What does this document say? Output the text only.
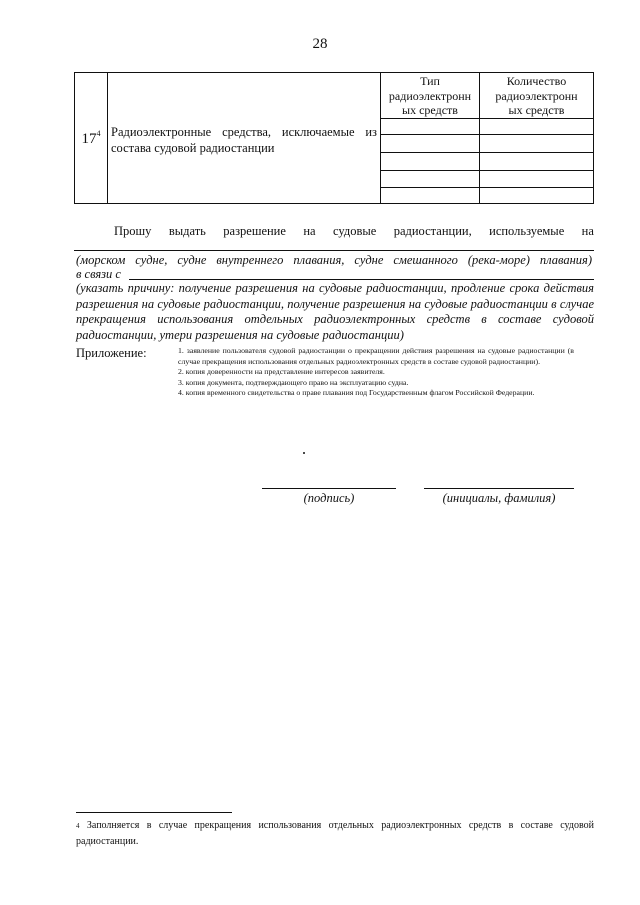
28
$17^4$ Радиоэлектронные средства, исключаемые из
состава судовой радиостанции
Тип
радиоэлектронн
ых средств
Количество
радиоэлектронн
ых средств
Прошу выдать разрешение на судовые радиостанции, используемые на
(морском судне, судне внутреннего плавания, судне смешанного (река-море) плавания)
в связи с
(указать причину: получение разрешения на судовые радиостанции, продление срока действия разрешения на судовые радиостанции, получение разрешения на судовые радиостанции в случае прекращения использования отдельных радиоэлектронных средств в составе судовой радиостанции, утери разрешения на судовые радиостанции)
Приложение:	1. заявление пользователя судовой радиостанции о прекращении действия разрешения на судовые радиостанции (в случае прекращения использования отдельных радиоэлектронных средств в составе судовой радиостанции).

2. копия доверенности на представление интересов заявителя.

3. копия документа, подтверждающего право на эксплуатацию судна.

4. копия временного свидетельства о праве плавания под Государственным флагом Российской Федерации.

(подпись)	(инициалы, фамилия)
$^4$ Заполняется в случае прекращения использования отдельных радиоэлектронных средств в составе судовой радиостанции.
